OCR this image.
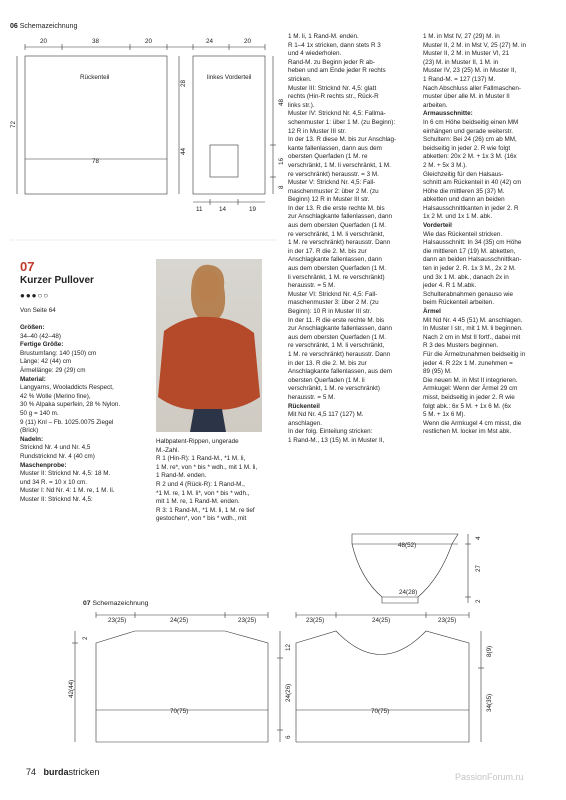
06 Schemazeichnung
20	38	20	24	20
Rückenteil	linkes Vorderteil
72
78
28
44
48
16
8
11	14	19
48(52)
24(28)
4
27
2
23(25)	24(25)	23(25)	23(25)	24(25)	23(25)
2
42(44)
70(75)
12
24(26)
6
70(75)
8(9)
34(35)
07
Kurzer Pullover
●●●○○
Von Seite 64

Größen:

34–40 (42–48)

Fertige Größe:

Brustumfang: 140 (150) cm

Länge: 42 (44) cm

Ärmellänge: 29 (29) cm

Material:

Langyarns, Wooladdicts Respect,

42 % Wolle (Merino fine),

30 % Alpaka superfein, 28 % Nylon.

50 g = 140 m.

9 (11) Knl – Fb. 1025.0075 Ziegel

(Brick)

Nadeln:

Stricknd Nr. 4 und Nr. 4,5

Rundstricknd Nr. 4 (40 cm)

Maschenprobe:

Muster II: Stricknd Nr. 4,5: 18 M.

und 34 R. = 10 x 10 cm.

Muster I: Nd Nr. 4: 1 M. re, 1 M. li.

Muster II: Stricknd Nr. 4,5:

Halbpatent-Rippen, ungerade

M.-Zahl.

R 1 (Hin-R): 1 Rand-M., *1 M. li,

1 M. re*, von * bis * wdh., mit 1 M. li,

1 Rand-M. enden.

R 2 und 4 (Rück-R): 1 Rand-M.,

*1 M. re, 1 M. li*, von * bis * wdh.,

mit 1 M. re, 1 Rand-M. enden.

R 3: 1 Rand-M., *1 M. li, 1 M. re tief

gestochen*, von * bis * wdh., mit

1 M. li, 1 Rand-M. enden.

R 1–4 1x stricken, dann stets R 3

und 4 wiederholen.

Rand-M. zu Beginn jeder R ab-

heben und am Ende jeder R rechts

stricken.

Muster III: Stricknd Nr. 4,5: glatt

rechts (Hin-R rechts str., Rück-R

links str.).

Muster IV: Stricknd Nr. 4,5: Fallma-

schenmuster 1: über 1 M. (zu Beginn):

12 R in Muster III str.

In der 13. R diese M. bis zur Anschlag-

kante fallenlassen, dann aus dem

obersten Querfaden (1 M. re

verschränkt, 1 M. li verschränkt, 1 M.

re verschränkt) herausstr. = 3 M.

Muster V: Stricknd Nr. 4,5: Fall-

maschenmuster 2: über 2 M. (zu

Beginn) 12 R in Muster III str.

In der 13. R die erste rechte M. bis

zur Anschlagkante fallenlassen, dann

aus dem obersten Querfaden (1 M.

re verschränkt, 1 M. li verschränkt,

1 M. re verschränkt) herausstr. Dann

in der 17. R die 2. M. bis zur

Anschlagkante fallenlassen, dann

aus dem obersten Querfaden (1 M.

li verschränkt, 1 M. re verschränkt)

herausstr. = 5 M.

Muster VI: Stricknd Nr. 4,5: Fall-

maschenmuster 3: über 2 M. (zu

Beginn): 10 R in Muster III str.

In der 11. R die erste rechte M. bis

zur Anschlagkante fallenlassen, dann

aus dem obersten Querfaden (1 M.

re verschränkt, 1 M. li verschränkt,

1 M. re verschränkt) herausstr. Dann

in der 13. R die 2. M. bis zur

Anschlagkante fallenlassen, aus dem

obersten Querfaden (1 M. li

verschränkt, 1 M. re verschränkt)

herausstr. = 5 M.

Rückenteil

Mit Nd Nr. 4,5 117 (127) M.

anschlagen.

In der folg. Einteilung stricken:

1 Rand-M., 13 (15) M. in Muster II,

1 M. in Mst IV, 27 (29) M. in

Muster II, 2 M. in Mst V, 25 (27) M. in

Muster II, 2 M. in Muster VI, 21

(23) M. in Muster II, 1 M. in

Muster IV, 23 (25) M. in Muster II,

1 Rand-M. = 127 (137) M.

Nach Abschluss aller Fallmaschen-

muster über alle M. in Muster II

arbeiten.

Armausschnitte:

In 6 cm Höhe beidseitig einen MM

einhängen und gerade weiterstr.

Schultern: Bei 24 (26) cm ab MM,

beidseitig in jeder 2. R wie folgt

abketten: 20x 2 M. + 1x 3 M. (16x

2 M. + 5x 3 M.).

Gleichzeitig für den Halsaus-

schnitt am Rückenteil in 40 (42) cm

Höhe die mittleren 35 (37) M.

abketten und dann an beiden

Halsausschnittkanten in jeder 2. R

1x 2 M. und 1x 1 M. abk.

Vorderteil

Wie das Rückenteil stricken.

Halsausschnitt: In 34 (35) cm Höhe

die mittleren 17 (19) M. abketten,

dann an beiden Halsausschnittkan-

ten in jeder 2. R. 1x 3 M., 2x 2 M.

und 3x 1 M. abk., danach 2x in

jeder 4. R 1 M.abk.

Schulterabnahmen genauso wie

beim Rückenteil arbeiten.

Ärmel

Mit Nd Nr. 4 45 (51) M. anschlagen.

In Muster I str., mit 1 M. li beginnen.

Nach 2 cm in Mst II fortf., dabei mit

R 3 des Musters beginnen.

Für die Ärmelzunahmen beidseitig in

jeder 4. R 22x 1 M. zunehmen =

89 (95) M.

Die neuen M. in Mst II integrieren.

Armkugel: Wenn der Ärmel 29 cm

misst, beidseitig in jeder 2. R wie

folgt abk.: 6x 5 M. + 1x 6 M. (6x

5 M. + 1x 6 M).

Wenn die Armkugel 4 cm misst, die

restlichen M. locker im Mst abk.

07 Schemazeichnung
74 burdastricken	PassionForum.ru
